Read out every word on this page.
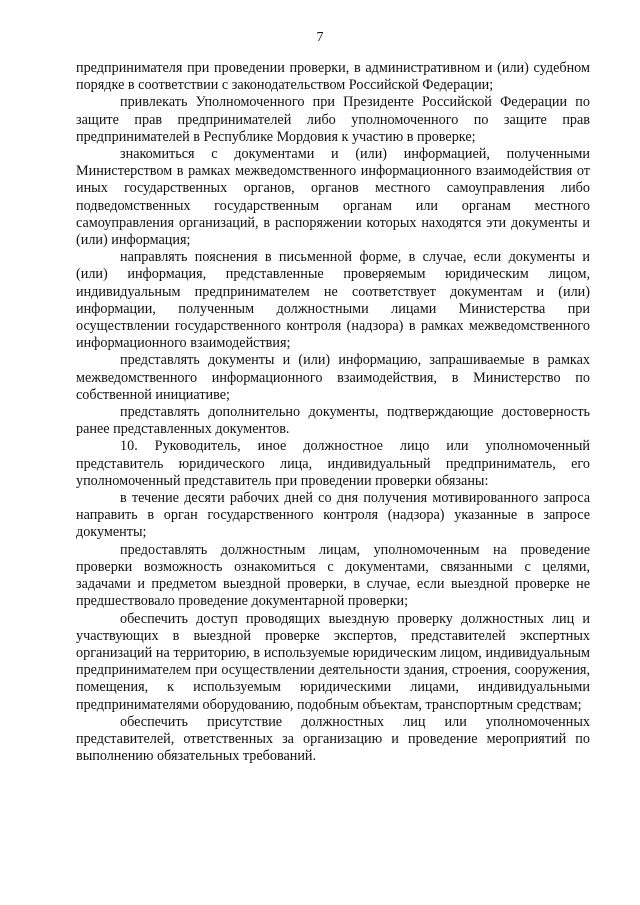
7

предпринимателя при проведении проверки, в административном и (или) судебном порядке в соответствии с законодательством Российской Федерации;

привлекать Уполномоченного при Президенте Российской Федерации по защите прав предпринимателей либо уполномоченного по защите прав предпринимателей в Республике Мордовия к участию в проверке;

знакомиться с документами и (или) информацией, полученными Министерством в рамках межведомственного информационного взаимодействия от иных государственных органов, органов местного самоуправления либо подведомственных государственным органам или органам местного самоуправления организаций, в распоряжении которых находятся эти документы и (или) информация;

направлять пояснения в письменной форме, в случае, если документы и (или) информация, представленные проверяемым юридическим лицом, индивидуальным предпринимателем не соответствует документам и (или) информации, полученным должностными лицами Министерства при осуществлении государственного контроля (надзора) в рамках межведомственного информационного взаимодействия;

представлять документы и (или) информацию, запрашиваемые в рамках межведомственного информационного взаимодействия, в Министерство по собственной инициативе;

представлять дополнительно документы, подтверждающие достоверность ранее представленных документов.

10. Руководитель, иное должностное лицо или уполномоченный представитель юридического лица, индивидуальный предприниматель, его уполномоченный представитель при проведении проверки обязаны:

в течение десяти рабочих дней со дня получения мотивированного запроса направить в орган государственного контроля (надзора) указанные в запросе документы;

предоставлять должностным лицам, уполномоченным на проведение проверки возможность ознакомиться с документами, связанными с целями, задачами и предметом выездной проверки, в случае, если выездной проверке не предшествовало проведение документарной проверки;

обеспечить доступ проводящих выездную проверку должностных лиц и участвующих в выездной проверке экспертов, представителей экспертных организаций на территорию, в используемые юридическим лицом, индивидуальным предпринимателем при осуществлении деятельности здания, строения, сооружения, помещения, к используемым юридическими лицами, индивидуальными предпринимателями оборудованию, подобным объектам, транспортным средствам;

обеспечить присутствие должностных лиц или уполномоченных представителей, ответственных за организацию и проведение мероприятий по выполнению обязательных требований.
